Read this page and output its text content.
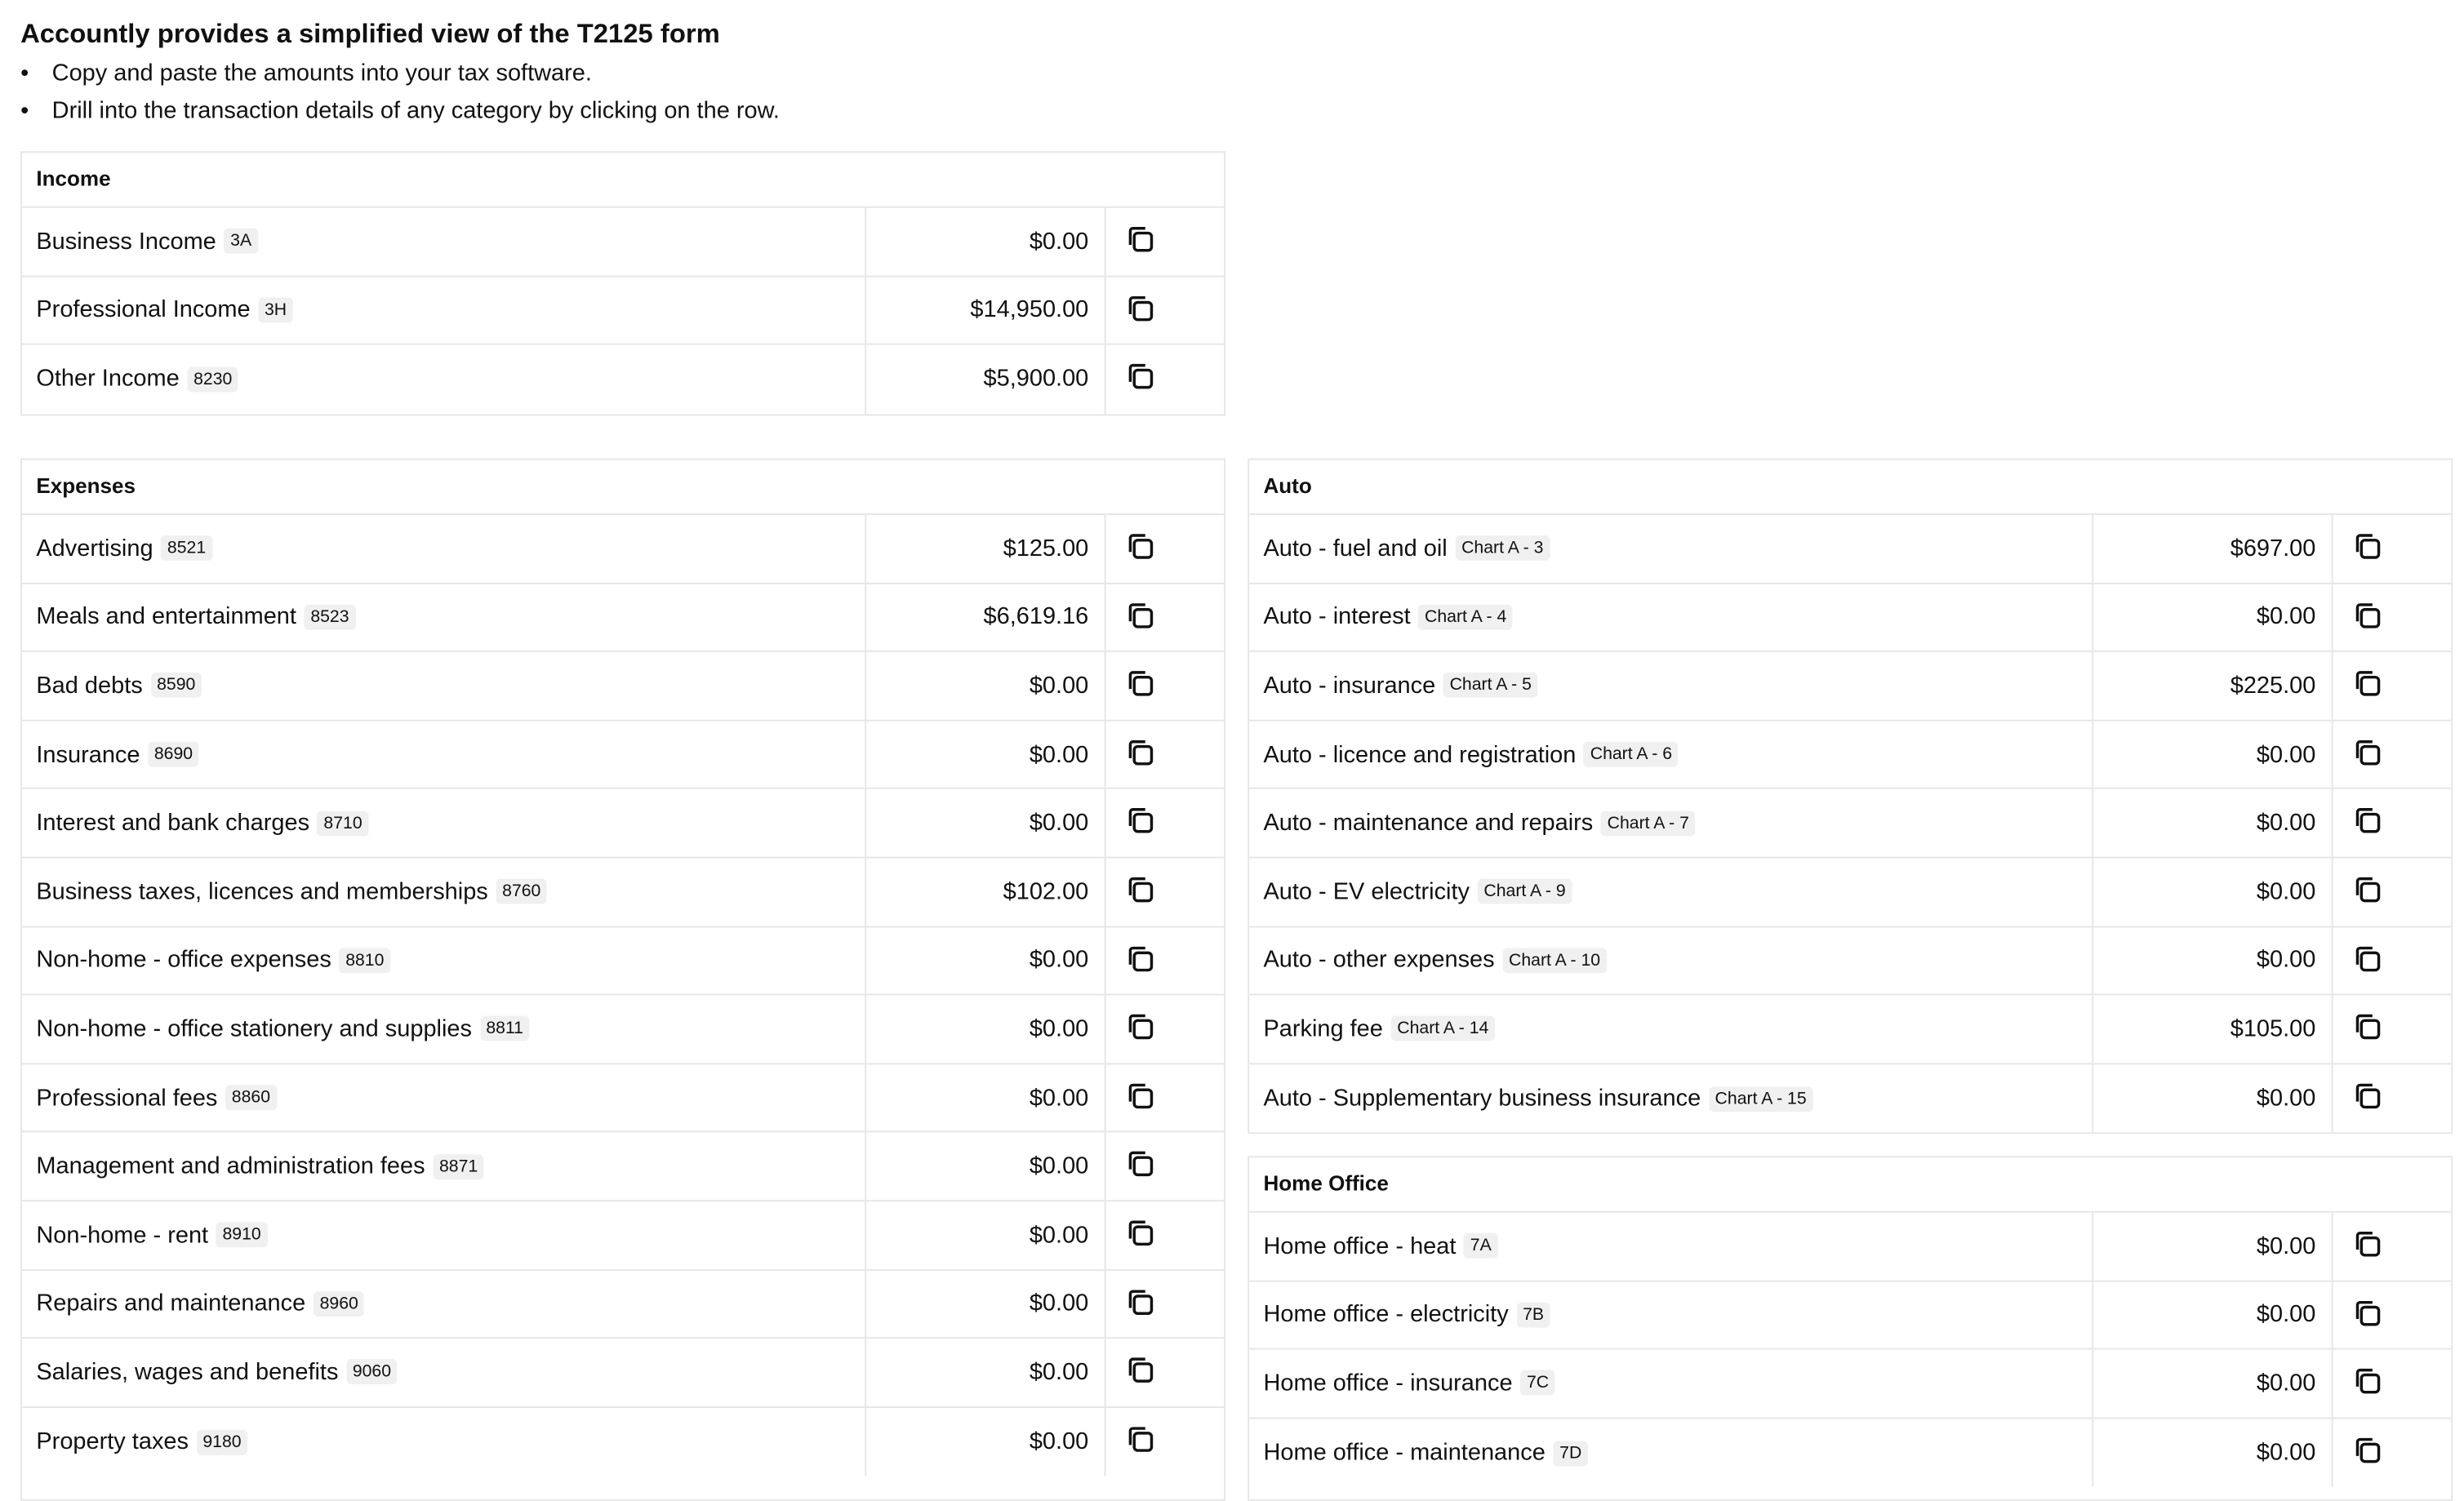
Accountly provides a simplified view of the T2125 form
• Copy and paste the amounts into your tax software.
• Drill into the transaction details of any category by clicking on the row.
Income
Business Income	3A	$0.00
Professional Income	3H	$14,950.00
Other Income	8230	$5,900.00
Expenses
Advertising	8521	$125.00
Meals and entertainment	8523	$6,619.16
Bad debts	8590	$0.00
Insurance	8690	$0.00
Interest and bank charges	8710	$0.00
Business taxes, licences and memberships	8760	$102.00
Non-home - office expenses	8810	$0.00
Non-home - office stationery and supplies	8811	$0.00
Professional fees	8860	$0.00
Management and administration fees	8871	$0.00
Non-home - rent	8910	$0.00
Repairs and maintenance	8960	$0.00
Salaries, wages and benefits	9060	$0.00
Property taxes	9180	$0.00
Auto
Auto - fuel and oil	Chart A - 3	$697.00
Auto - interest	Chart A - 4	$0.00
Auto - insurance	Chart A - 5	$225.00
Auto - licence and registration	Chart A - 6	$0.00
Auto - maintenance and repairs	Chart A - 7	$0.00
Auto - EV electricity	Chart A - 9	$0.00
Auto - other expenses	Chart A - 10	$0.00
Parking fee	Chart A - 14	$105.00
Auto - Supplementary business insurance	Chart A - 15	$0.00
Home Office
Home office - heat	7A	$0.00
Home office - electricity	7B	$0.00
Home office - insurance	7C	$0.00
Home office - maintenance	7D	$0.00
